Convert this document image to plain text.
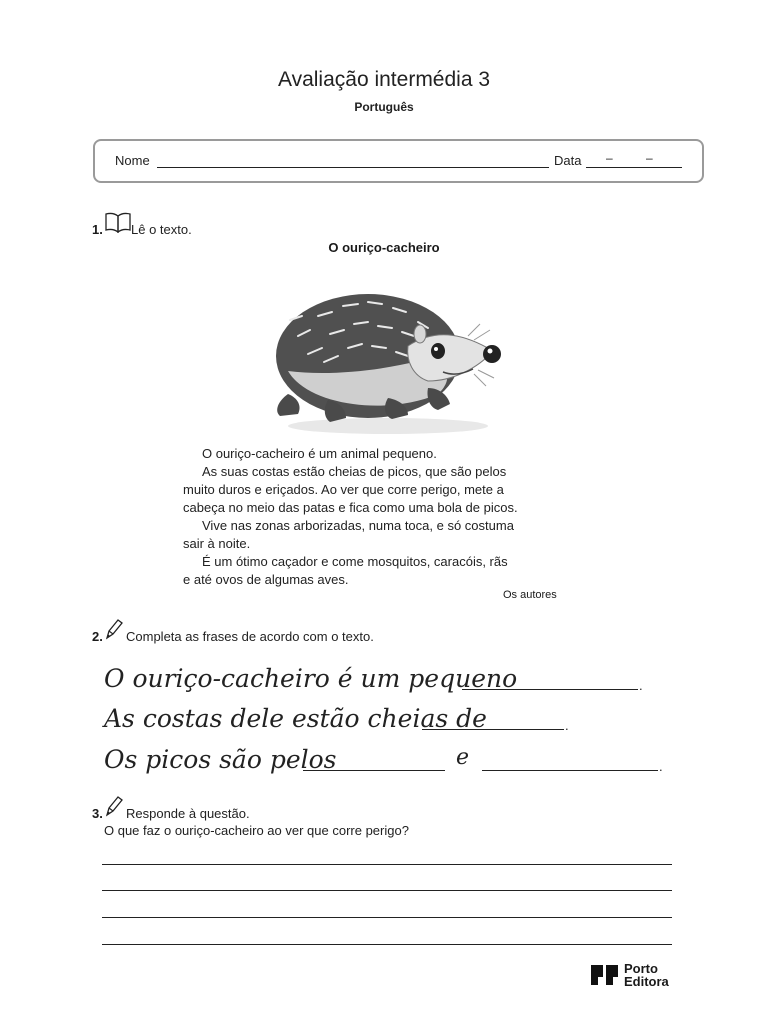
Avaliação intermédia 3
Português
Nome	Data –	–
1. Lê o texto.
O ouriço-cacheiro
O ouriço-cacheiro é um animal pequeno.
As suas costas estão cheias de picos, que são pelos
muito duros e eriçados. Ao ver que corre perigo, mete a
cabeça no meio das patas e fica como uma bola de picos.
Vive nas zonas arborizadas, numa toca, e só costuma
sair à noite.
É um ótimo caçador e come mosquitos, caracóis, rãs
e até ovos de algumas aves.
Os autores
2. Completa as frases de acordo com o texto.
O ouriço-cacheiro é um pequeno	.
As costas dele estão cheias de	.
Os picos são pelos	e	.
3. Responde à questão.
O que faz o ouriço-cacheiro ao ver que corre perigo?
Porto
Editora
